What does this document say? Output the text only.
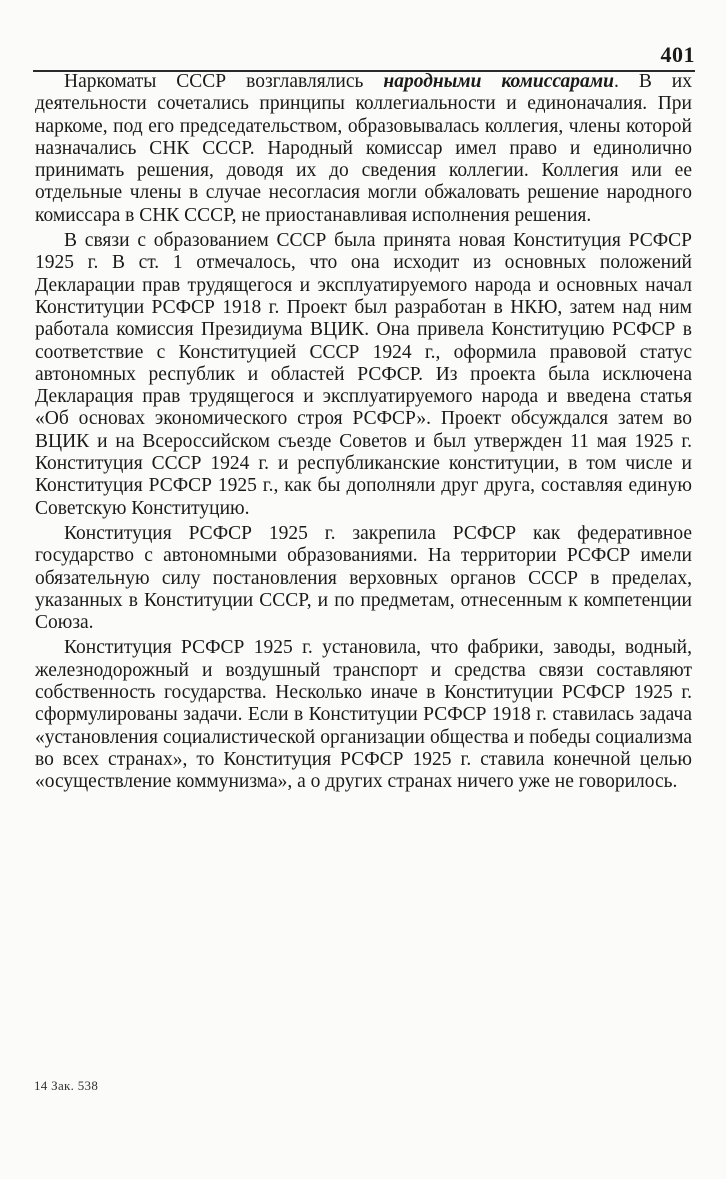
401

Наркоматы СССР возглавлялись народными комиссарами. В их деятельности сочетались принципы коллегиальности и единоначалия. При наркоме, под его председательством, образовывалась коллегия, члены которой назначались СНК СССР. Народный комиссар имел право и единолично принимать решения, доводя их до сведения коллегии. Коллегия или ее отдельные члены в случае несогласия могли обжаловать решение народного комиссара в СНК СССР, не приостанавливая исполнения решения.

В связи с образованием СССР была принята новая Конституция РСФСР 1925 г. В ст. 1 отмечалось, что она исходит из основных положений Декларации прав трудящегося и эксплуатируемого народа и основных начал Конституции РСФСР 1918 г. Проект был разработан в НКЮ, затем над ним работала комиссия Президиума ВЦИК. Она привела Конституцию РСФСР в соответствие с Конституцией СССР 1924 г., оформила правовой статус автономных республик и областей РСФСР. Из проекта была исключена Декларация прав трудящегося и эксплуатируемого народа и введена статья «Об основах экономического строя РСФСР». Проект обсуждался затем во ВЦИК и на Всероссийском съезде Советов и был утвержден 11 мая 1925 г. Конституция СССР 1924 г. и республиканские конституции, в том числе и Конституция РСФСР 1925 г., как бы дополняли друг друга, составляя единую Советскую Конституцию.

Конституция РСФСР 1925 г. закрепила РСФСР как федеративное государство с автономными образованиями. На территории РСФСР имели обязательную силу постановления верховных органов СССР в пределах, указанных в Конституции СССР, и по предметам, отнесенным к компетенции Союза.

Конституция РСФСР 1925 г. установила, что фабрики, заводы, водный, железнодорожный и воздушный транспорт и средства связи составляют собственность государства. Несколько иначе в Конституции РСФСР 1925 г. сформулированы задачи. Если в Конституции РСФСР 1918 г. ставилась задача «установления социалистической организации общества и победы социализма во всех странах», то Конституция РСФСР 1925 г. ставила конечной целью «осуществление коммунизма», а о других странах ничего уже не говорилось.

14 Зак. 538
